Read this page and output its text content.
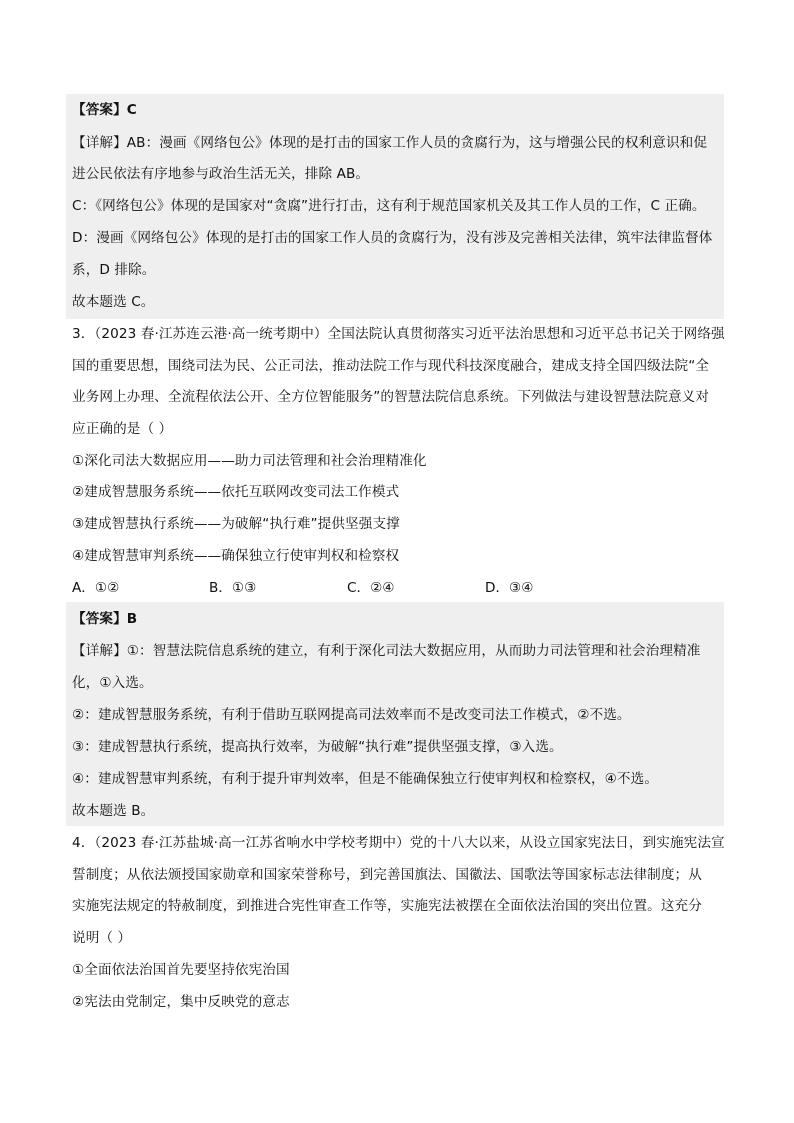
【答案】C
【详解】AB：漫画《网络包公》体现的是打击的国家工作人员的贪腐行为，这与增强公民的权利意识和促
进公民依法有序地参与政治生活无关，排除 AB。
C：《网络包公》体现的是国家对“贪腐”进行打击，这有利于规范国家机关及其工作人员的工作，C 正确。
D：漫画《网络包公》体现的是打击的国家工作人员的贪腐行为，没有涉及完善相关法律，筑牢法律监督体
系，D 排除。
故本题选 C。
3．（2023 春·江苏连云港·高一统考期中）全国法院认真贯彻落实习近平法治思想和习近平总书记关于网络强
国的重要思想，围绕司法为民、公正司法，推动法院工作与现代科技深度融合，建成支持全国四级法院“全
业务网上办理、全流程依法公开、全方位智能服务”的智慧法院信息系统。下列做法与建设智慧法院意义对
应正确的是（ ）
①深化司法大数据应用——助力司法管理和社会治理精准化
②建成智慧服务系统——依托互联网改变司法工作模式
③建成智慧执行系统——为破解“执行难”提供坚强支撑
④建成智慧审判系统——确保独立行使审判权和检察权
A．①②	B．①③	C．②④	D．③④
【答案】B
【详解】①：智慧法院信息系统的建立，有利于深化司法大数据应用，从而助力司法管理和社会治理精准
化，①入选。
②：建成智慧服务系统，有利于借助互联网提高司法效率而不是改变司法工作模式，②不选。
③：建成智慧执行系统，提高执行效率，为破解“执行难”提供坚强支撑，③入选。
④：建成智慧审判系统，有利于提升审判效率，但是不能确保独立行使审判权和检察权，④不选。
故本题选 B。
4．（2023 春·江苏盐城·高一江苏省响水中学校考期中）党的十八大以来，从设立国家宪法日，到实施宪法宣
誓制度；从依法颁授国家勋章和国家荣誉称号，到完善国旗法、国徽法、国歌法等国家标志法律制度；从
实施宪法规定的特赦制度，到推进合宪性审查工作等，实施宪法被摆在全面依法治国的突出位置。这充分
说明（ ）
①全面依法治国首先要坚持依宪治国
②宪法由党制定，集中反映党的意志
